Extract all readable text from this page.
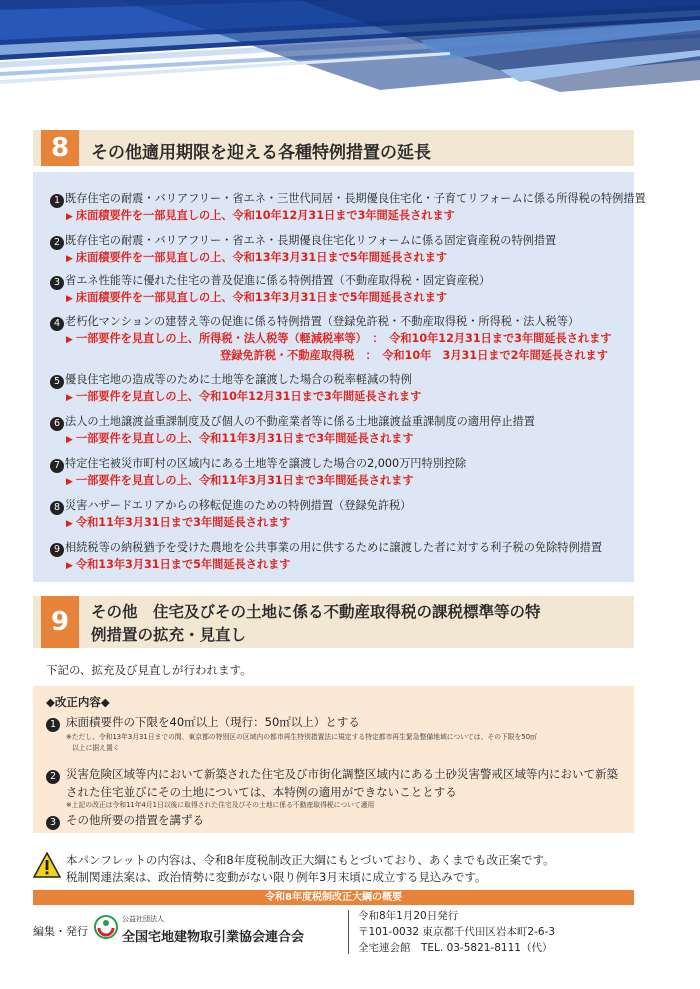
8	その他適用期限を迎える各種特例措置の延長
1 既存住宅の耐震・バリアフリー・省エネ・三世代同居・長期優良住宅化・子育てリフォームに係る所得税の特例措置
▶ 床面積要件を一部見直しの上、令和10年12月31日まで3年間延長されます
2 既存住宅の耐震・バリアフリー・省エネ・長期優良住宅化リフォームに係る固定資産税の特例措置
▶ 床面積要件を一部見直しの上、令和13年3月31日まで5年間延長されます
3 省エネ性能等に優れた住宅の普及促進に係る特例措置（不動産取得税・固定資産税）
▶ 床面積要件を一部見直しの上、令和13年3月31日まで5年間延長されます
4 老朽化マンションの建替え等の促進に係る特例措置（登録免許税・不動産取得税・所得税・法人税等）
▶ 一部要件を見直しの上、所得税・法人税等（軽減税率等）　：　令和10年12月31日まで3年間延長されます
登録免許税・不動産取得税　：　令和10年　3月31日まで2年間延長されます
5 優良住宅地の造成等のために土地等を譲渡した場合の税率軽減の特例
▶ 一部要件を見直しの上、令和10年12月31日まで3年間延長されます
6 法人の土地譲渡益重課制度及び個人の不動産業者等に係る土地譲渡益重課制度の適用停止措置
▶ 一部要件を見直しの上、令和11年3月31日まで3年間延長されます
7 特定住宅被災市町村の区域内にある土地等を譲渡した場合の2,000万円特別控除
▶ 一部要件を見直しの上、令和11年3月31日まで3年間延長されます
8 災害ハザードエリアからの移転促進のための特例措置（登録免許税）
▶ 令和11年3月31日まで3年間延長されます
9 相続税等の納税猶予を受けた農地を公共事業の用に供するために譲渡した者に対する利子税の免除特例措置
▶ 令和13年3月31日まで5年間延長されます
9	その他　住宅及びその土地に係る不動産取得税の課税標準等の特
例措置の拡充・見直し
下記の、拡充及び見直しが行われます。
◆改正内容◆
1 床面積要件の下限を40㎡以上（現行：50㎡以上）とする
※ただし、令和13年3月31日までの間、東京都の特別区の区域内の都市再生特別措置法に規定する特定都市再生緊急整備地域については、その下限を50㎡
以上に据え置く
2 災害危険区域等内において新築された住宅及び市街化調整区域内にある土砂災害警戒区域等内において新築
された住宅並びにその土地については、本特例の適用ができないこととする
※上記の改正は令和11年4月1日以後に取得された住宅及びその土地に係る不動産取得税について適用
3 その他所要の措置を講ずる
本パンフレットの内容は、令和8年度税制改正大綱にもとづいており、あくまでも改正案です。
税制関連法案は、政治情勢に変動がない限り例年3月末頃に成立する見込みです。
令和8年度税制改正大綱の概要
編集・発行
公益社団法人
全国宅地建物取引業協会連合会
令和8年1月20日発行
〒101-0032 東京都千代田区岩本町2-6-3
全宅連会館　TEL. 03-5821-8111（代）
